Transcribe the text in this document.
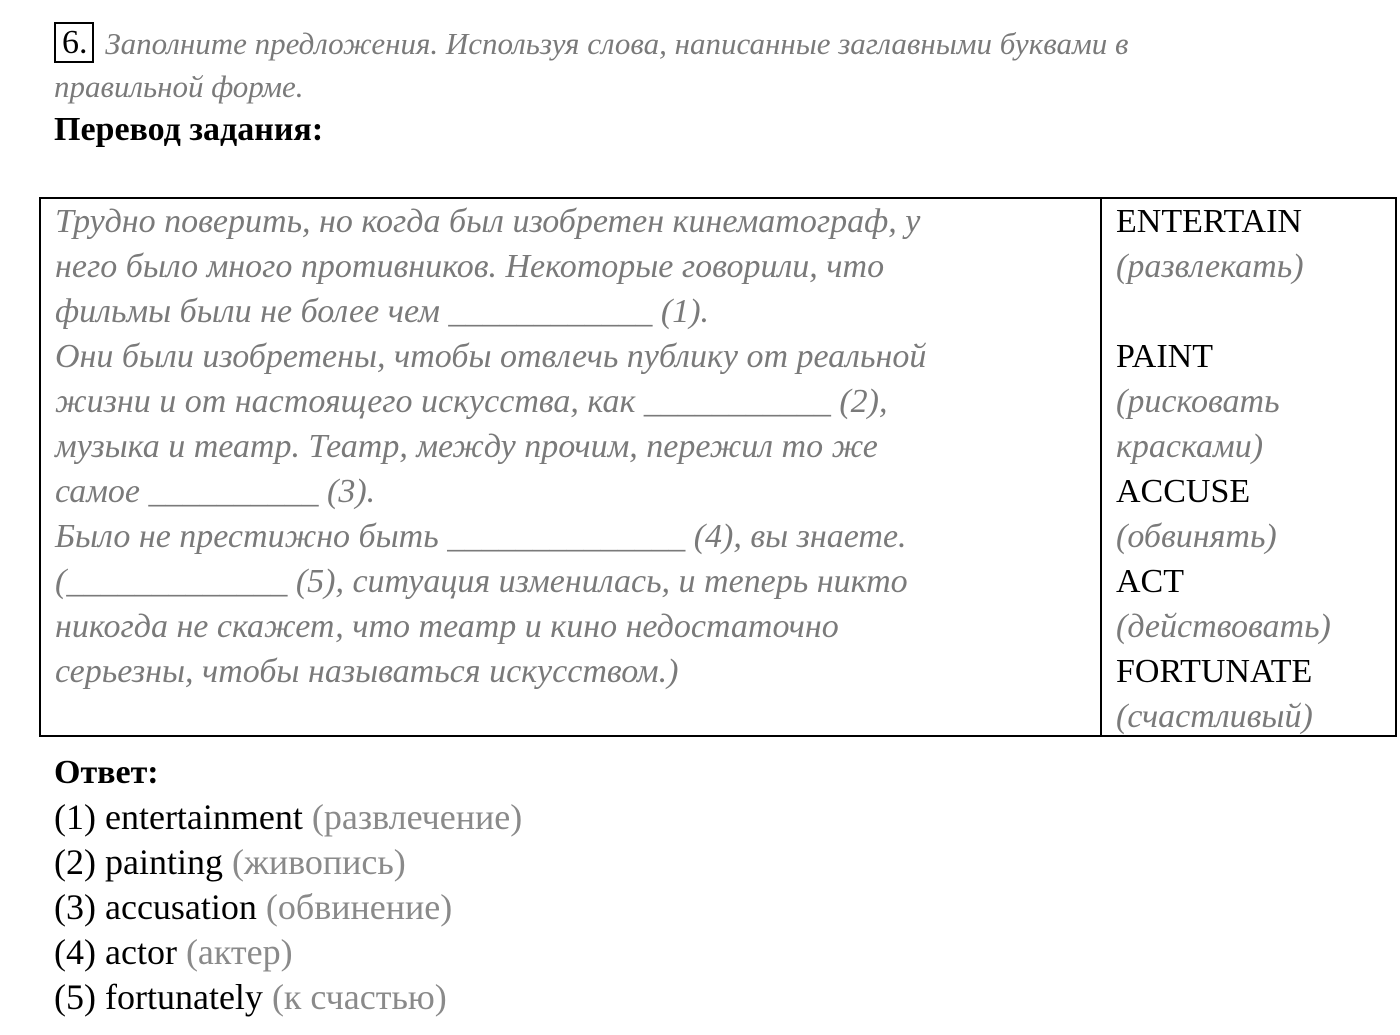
6. Заполните предложения. Используя слова, написанные заглавными буквами в
правильной форме.
Перевод задания:
Трудно поверить, но когда был изобретен кинематограф, у
него было много противников. Некоторые говорили, что
фильмы были не более чем ____________ (1).
Они были изобретены, чтобы отвлечь публику от реальной
жизни и от настоящего искусства, как ___________ (2),
музыка и театр. Театр, между прочим, пережил то же
самое __________ (3).
Было не престижно быть ______________ (4), вы знаете.
(_____________ (5), ситуация изменилась, и теперь никто
никогда не скажет, что театр и кино недостаточно
серьезны, чтобы называться искусством.)
ENTERTAIN
(развлекать)
PAINT
(рисковать
красками)
ACCUSE
(обвинять)
ACT
(действовать)
FORTUNATE
(счастливый)
Ответ:
(1) entertainment (развлечение)
(2) painting (живопись)
(3) accusation (обвинение)
(4) actor (актер)
(5) fortunately (к счастью)
